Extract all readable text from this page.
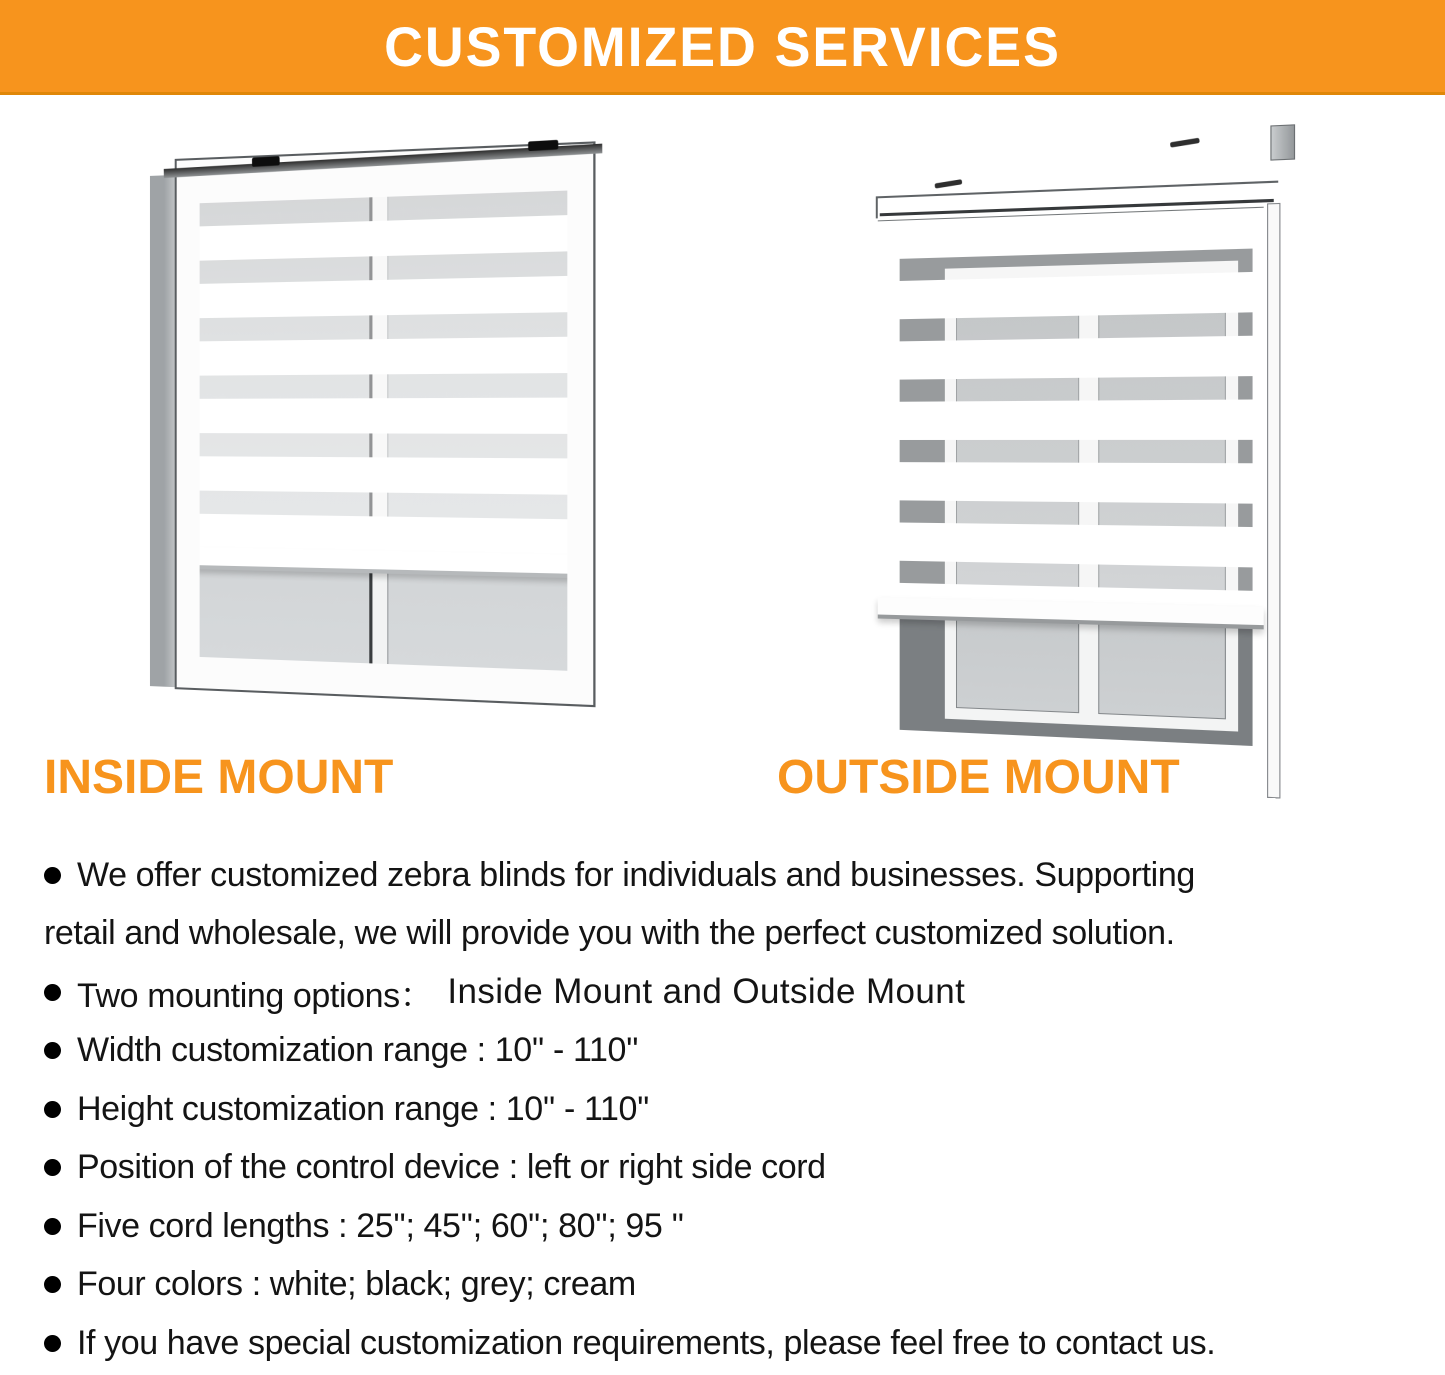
CUSTOMIZED SERVICES
INSIDE MOUNT	OUTSIDE MOUNT
We offer customized zebra blinds for individuals and businesses. Supporting
retail and wholesale, we will provide you with the perfect customized solution.
Two mounting options： Inside Mount and Outside Mount
Width customization range : 10'' - 110''
Height customization range : 10'' - 110''
Position of the control device : left or right side cord
Five cord lengths : 25''; 45''; 60''; 80''; 95 ''
Four colors : white; black; grey; cream
If you have special customization requirements, please feel free to contact us.
